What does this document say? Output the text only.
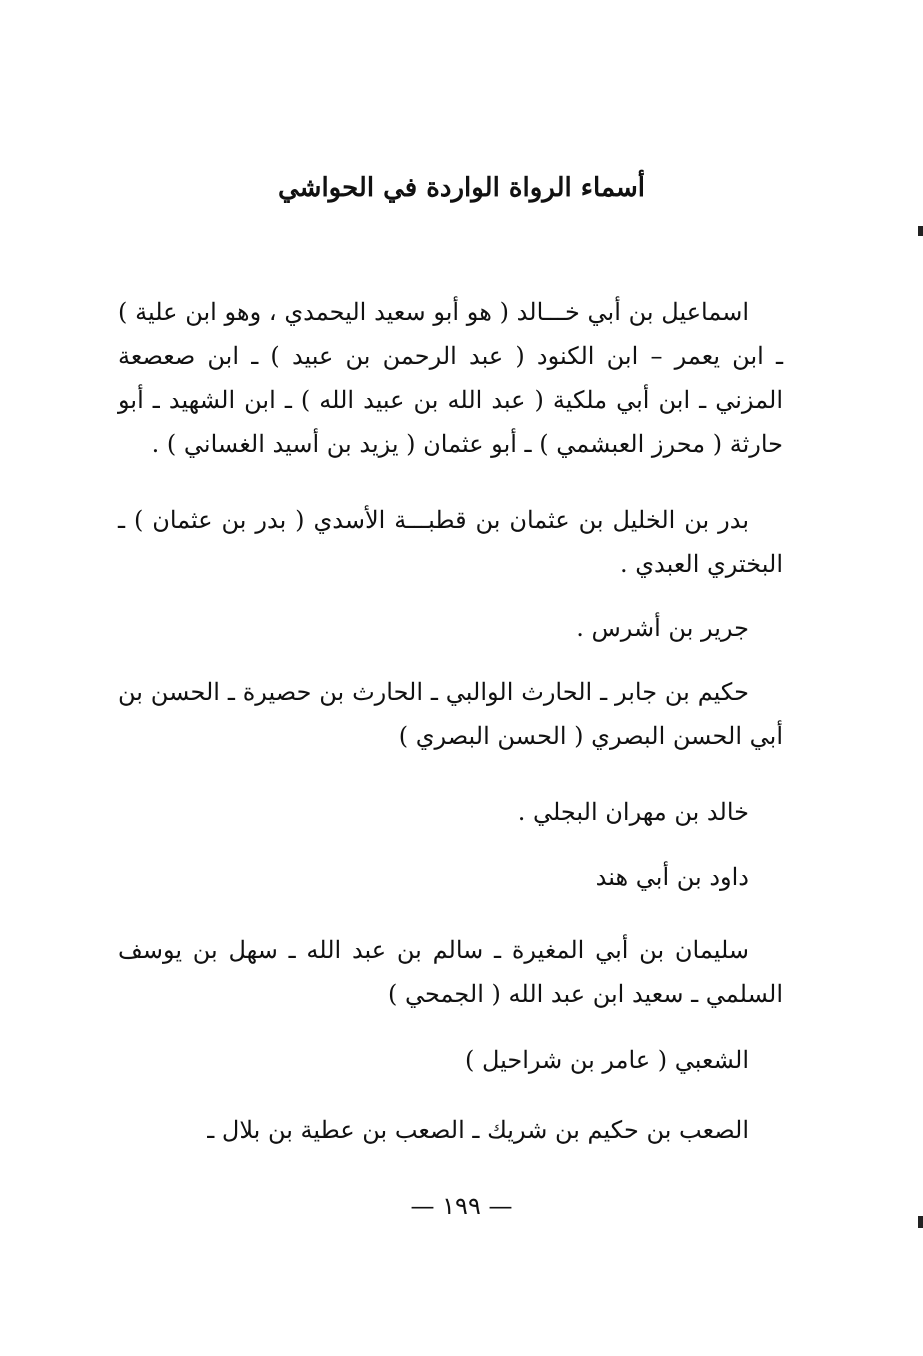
أسماء الرواة الواردة في الحواشي

اسماعيل بن أبي خـــالد ( هو أبو سعيد اليحمدي ، وهو ابن علية ) ـ ابن يعمر – ابن الكنود ( عبد الرحمن بن عبيد ) ـ ابن صعصعة المزني ـ ابن أبي ملكية ( عبد الله بن عبيد الله ) ـ ابن الشهيد ـ أبو حارثة ( محرز العبشمي ) ـ أبو عثمان ( يزيد بن أسيد الغساني ) .

بدر بن الخليل بن عثمان بن قطبـــة الأسدي ( بدر بن عثمان ) ـ البختري العبدي .

جرير بن أشرس .

حكيم بن جابر ـ الحارث الوالبي ـ الحارث بن حصيرة ـ الحسن بن أبي الحسن البصري ( الحسن البصري )

خالد بن مهران البجلي .

داود بن أبي هند

سليمان بن أبي المغيرة ـ سالم بن عبد الله ـ سهل بن يوسف السلمي ـ سعيد ابن عبد الله ( الجمحي )

الشعبي ( عامر بن شراحيل )

الصعب بن حكيم بن شريك ـ الصعب بن عطية بن بلال ـ

— ١٩٩ —
